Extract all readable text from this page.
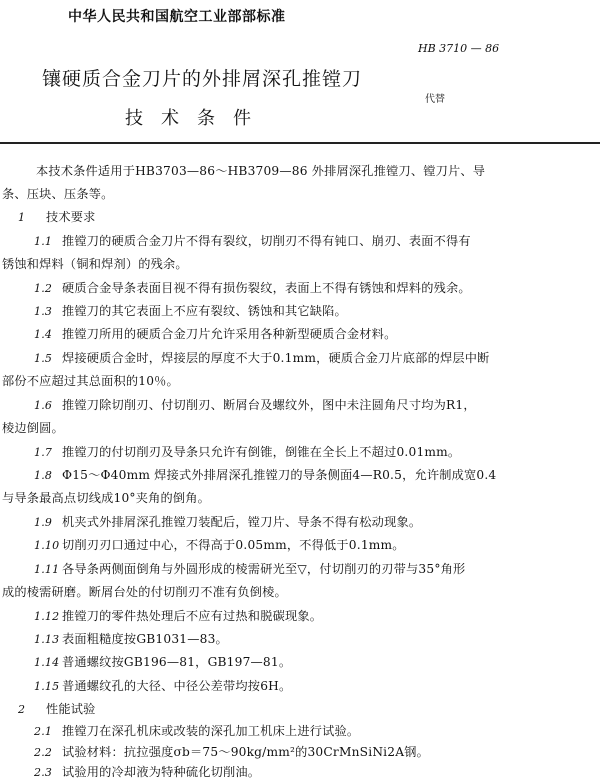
中华人民共和国航空工业部部标准
HB 3710 — 86
代替
镶硬质合金刀片的外排屑深孔推镗刀
技术条件
本技术条件适用于HB3703—86～HB3709—86 外排屑深孔推镗刀、镗刀片、导
条、压块、压条等。
1 技术要求
1.1 推镗刀的硬质合金刀片不得有裂纹，切削刃不得有钝口、崩刃、表面不得有
锈蚀和焊料（铜和焊剂）的残余。
1.2 硬质合金导条表面目视不得有损伤裂纹，表面上不得有锈蚀和焊料的残余。
1.3 推镗刀的其它表面上不应有裂纹、锈蚀和其它缺陷。
1.4 推镗刀所用的硬质合金刀片允许采用各种新型硬质合金材料。
1.5 焊接硬质合金时，焊接层的厚度不大于0.1mm，硬质合金刀片底部的焊层中断
部份不应超过其总面积的10％。
1.6 推镗刀除切削刃、付切削刃、断屑台及螺纹外，图中未注圆角尺寸均为R1，
棱边倒圆。
1.7 推镗刀的付切削刃及导条只允许有倒锥，倒锥在全长上不超过0.01mm。
1.8 Φ15～Φ40mm 焊接式外排屑深孔推镗刀的导条侧面4—R0.5，允许制成宽0.4
与导条最高点切线成10°夹角的倒角。
1.9 机夹式外排屑深孔推镗刀装配后，镗刀片、导条不得有松动现象。
1.10 切削刃刃口通过中心，不得高于0.05mm，不得低于0.1mm。
1.11 各导条两侧面倒角与外圆形成的棱需研光至▽，付切削刃的刃带与35°角形
成的棱需研磨。断屑台处的付切削刃不准有负倒棱。
1.12 推镗刀的零件热处理后不应有过热和脱碳现象。
1.13 表面粗糙度按GB1031—83。
1.14 普通螺纹按GB196—81，GB197—81。
1.15 普通螺纹孔的大径、中径公差带均按6H。
2 性能试验
2.1 推镗刀在深孔机床或改装的深孔加工机床上进行试验。
2.2 试验材料：抗拉强度σb＝75～90kg/mm²的30CrMnSiNi2A钢。
2.3 试验用的冷却液为特种硫化切削油。
